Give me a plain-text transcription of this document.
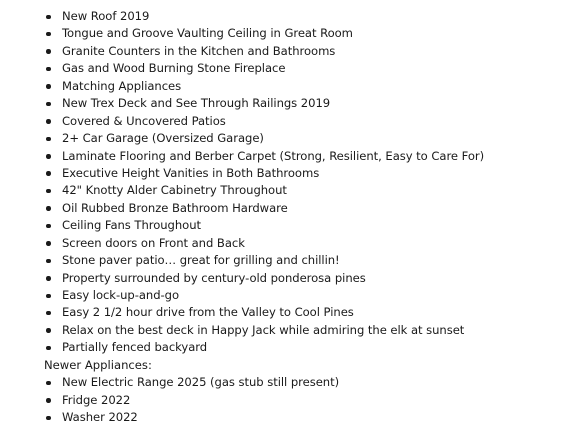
New Roof 2019
Tongue and Groove Vaulting Ceiling in Great Room
Granite Counters in the Kitchen and Bathrooms
Gas and Wood Burning Stone Fireplace
Matching Appliances
New Trex Deck and See Through Railings 2019
Covered & Uncovered Patios
2+ Car Garage (Oversized Garage)
Laminate Flooring and Berber Carpet (Strong, Resilient, Easy to Care For)
Executive Height Vanities in Both Bathrooms
42" Knotty Alder Cabinetry Throughout
Oil Rubbed Bronze Bathroom Hardware
Ceiling Fans Throughout
Screen doors on Front and Back
Stone paver patio… great for grilling and chillin!
Property surrounded by century-old ponderosa pines
Easy lock-up-and-go
Easy 2 1/2 hour drive from the Valley to Cool Pines
Relax on the best deck in Happy Jack while admiring the elk at sunset
Partially fenced backyard
Newer Appliances:
New Electric Range 2025 (gas stub still present)
Fridge 2022
Washer 2022
